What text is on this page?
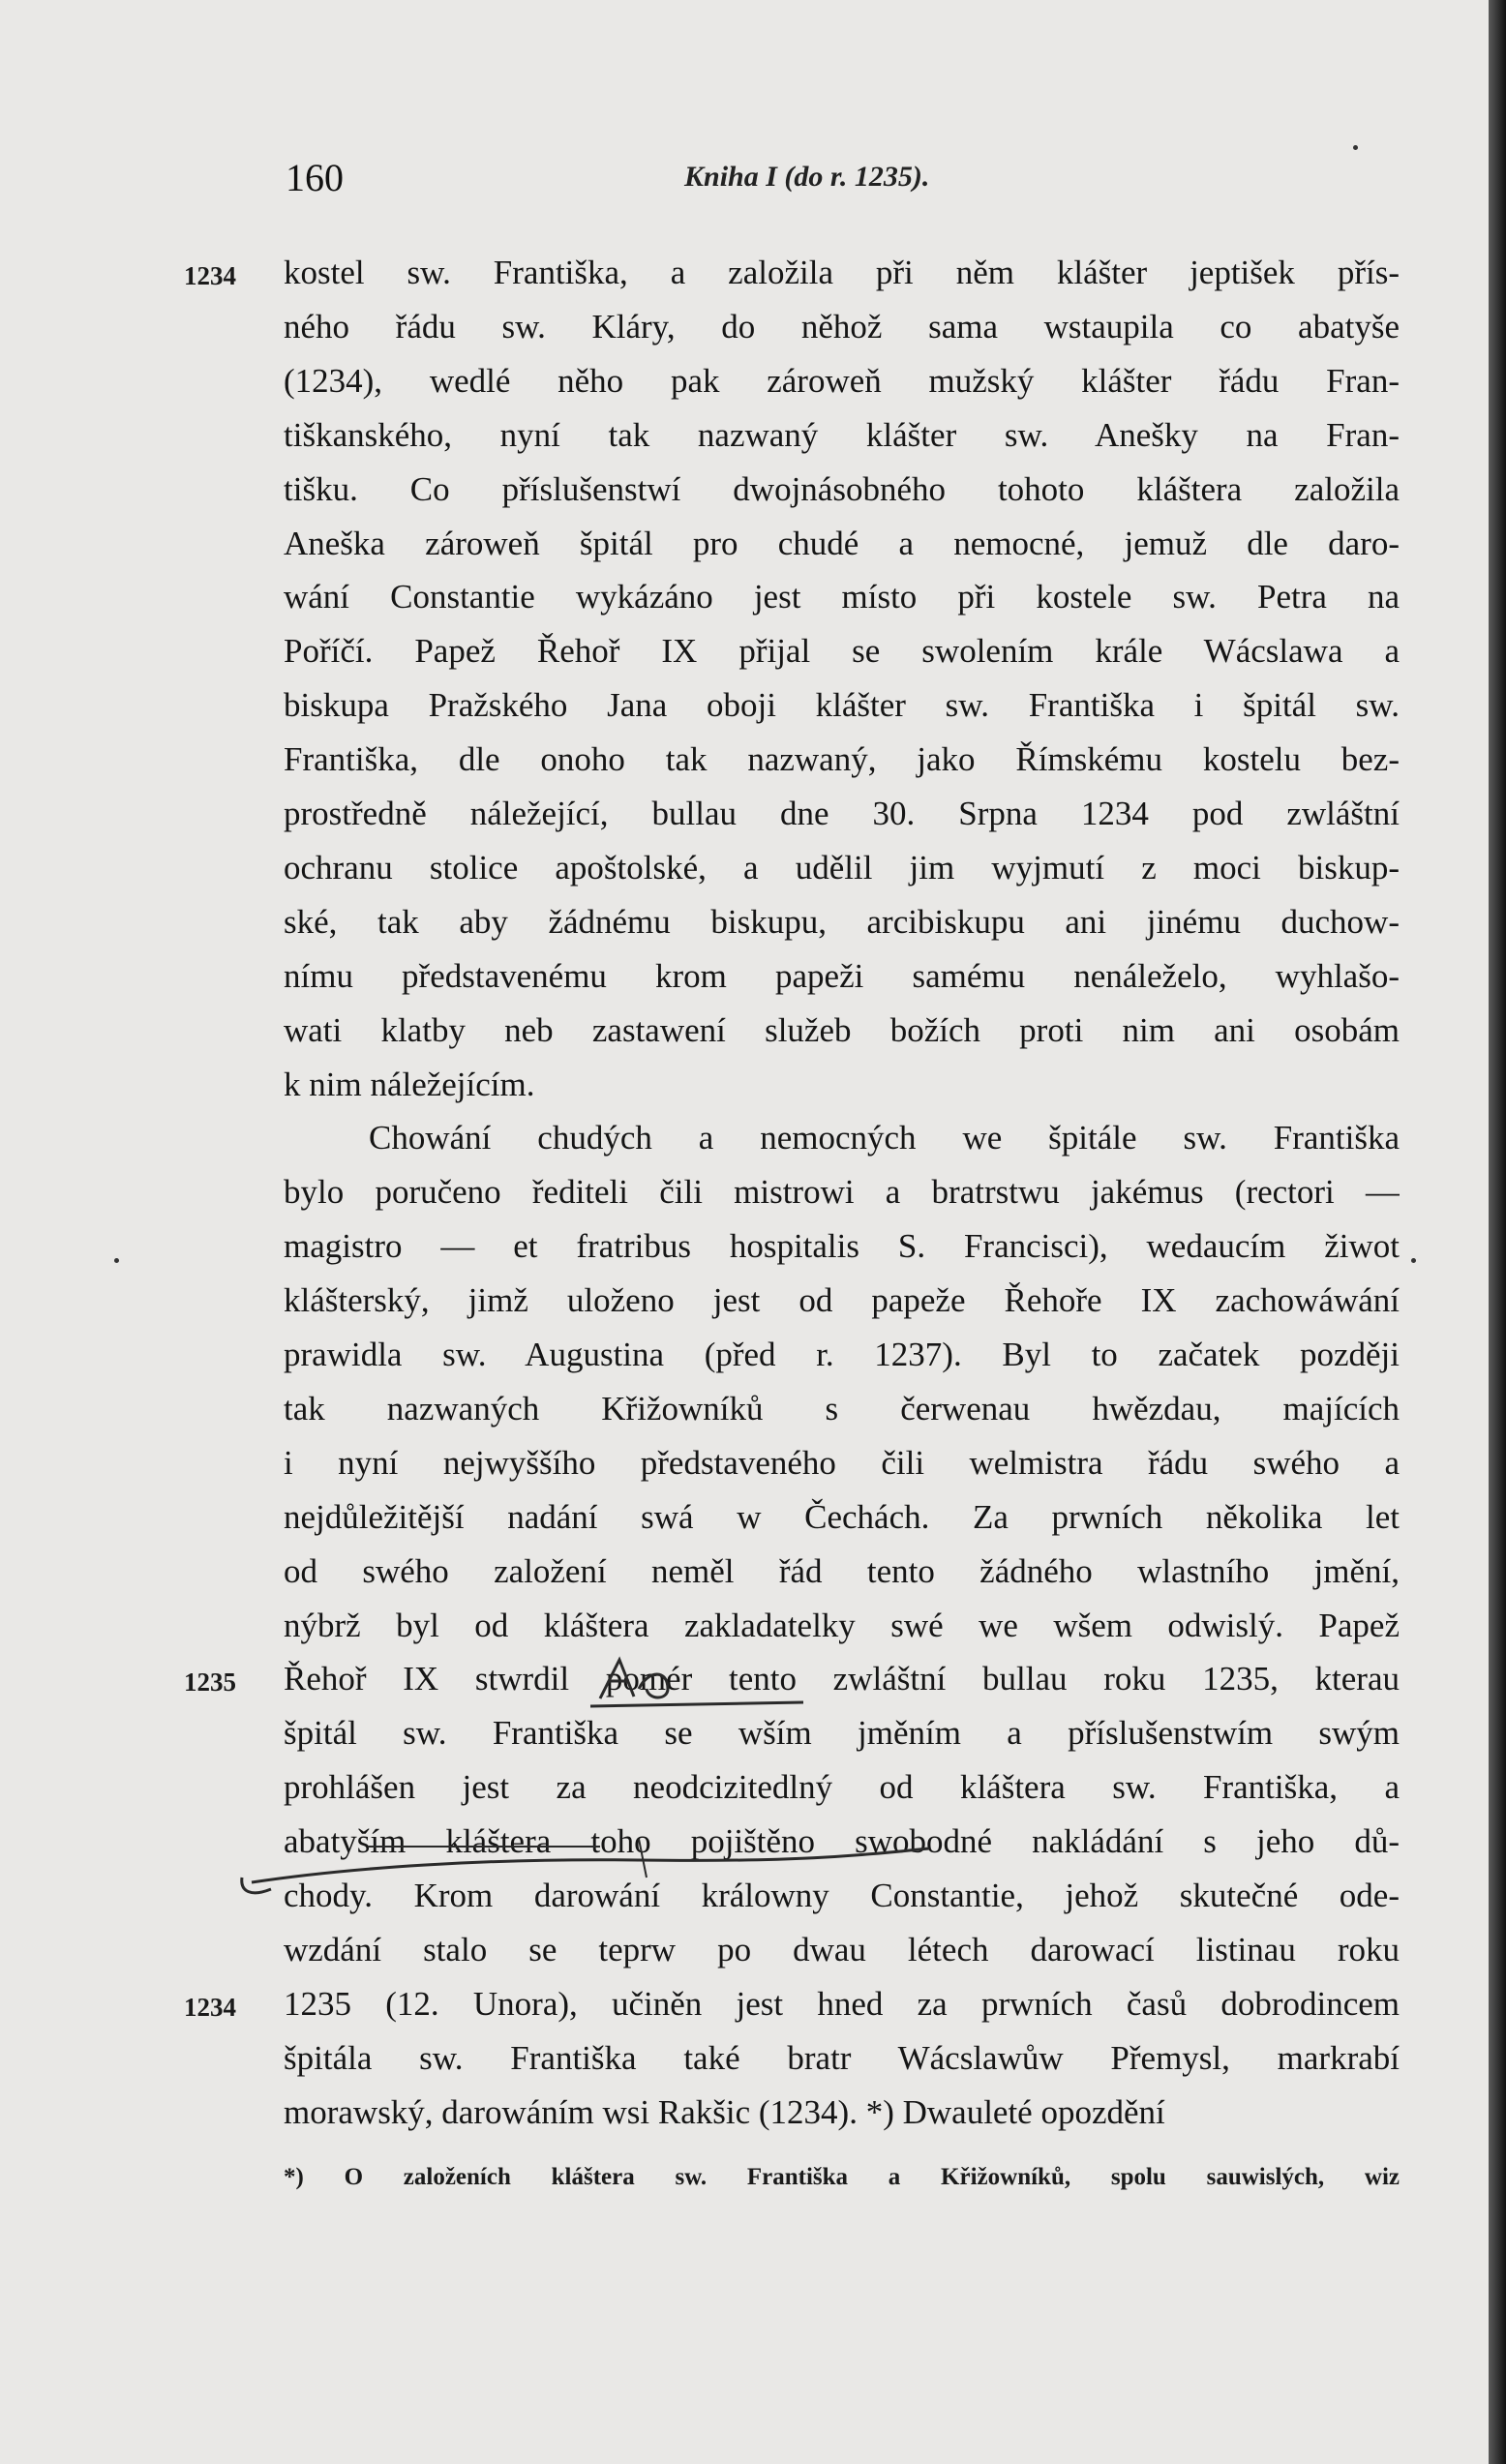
160	Kniha I (do r. 1235).
1234
1235
1234
kostel sw. Františka, a založila při něm klášter jeptišek přís-
ného řádu sw. Kláry, do něhož sama wstaupila co abatyše
(1234), wedlé něho pak zároweň mužský klášter řádu Fran-
tiškanského, nyní tak nazwaný klášter sw. Anešky na Fran-
tišku. Co příslušenstwí dwojnásobného tohoto kláštera založila
Aneška zároweň špitál pro chudé a nemocné, jemuž dle daro-
wání Constantie wykázáno jest místo při kostele sw. Petra na
Poříčí. Papež Řehoř IX přijal se swolením krále Wácslawa a
biskupa Pražského Jana oboji klášter sw. Františka i špitál sw.
Františka, dle onoho tak nazwaný, jako Římskému kostelu bez-
prostředně náležející, bullau dne 30. Srpna 1234 pod zwláštní
ochranu stolice apoštolské, a udělil jim wyjmutí z moci biskup-
ské, tak aby žádnému biskupu, arcibiskupu ani jinému duchow-
nímu představenému krom papeži samému nenáleželo, wyhlašo-
wati klatby neb zastawení služeb božích proti nim ani osobám
k nim náležejícím.
Chowání chudých a nemocných we špitále sw. Františka
bylo poručeno řediteli čili mistrowi a bratrstwu jakémus (rectori —
magistro — et fratribus hospitalis S. Francisci), wedaucím žiwot
klášterský, jimž uloženo jest od papeže Řehoře IX zachowáwání
prawidla sw. Augustina (před r. 1237). Byl to začatek později
tak nazwaných Křižowníků s čerwenau hwězdau, majících
i nyní nejwyššího představeného čili welmistra řádu swého a
nejdůležitější nadání swá w Čechách. Za prwních několika let
od swého založení neměl řád tento žádného wlastního jmění,
nýbrž byl od kláštera zakladatelky swé we wšem odwislý. Papež
Řehoř IX stwrdil pomér tento zwláštní bullau roku 1235, kterau
špitál sw. Františka se wším jměním a příslušenstwím swým
prohlášen jest za neodcizitedlný od kláštera sw. Františka, a
abatyším kláštera toho pojištěno swobodné nakládání s jeho dů-
chody. Krom darowání králowny Constantie, jehož skutečné ode-
wzdání stalo se teprw po dwau létech darowací listinau roku
1235 (12. Unora), učiněn jest hned za prwních časů dobrodincem
špitála sw. Františka také bratr Wácslawůw Přemysl, markrabí
morawský, darowáním wsi Rakšic (1234). *) Dwauleté opozdění
*) O založeních kláštera sw. Františka a Křižowníků, spolu sauwislých, wiz
